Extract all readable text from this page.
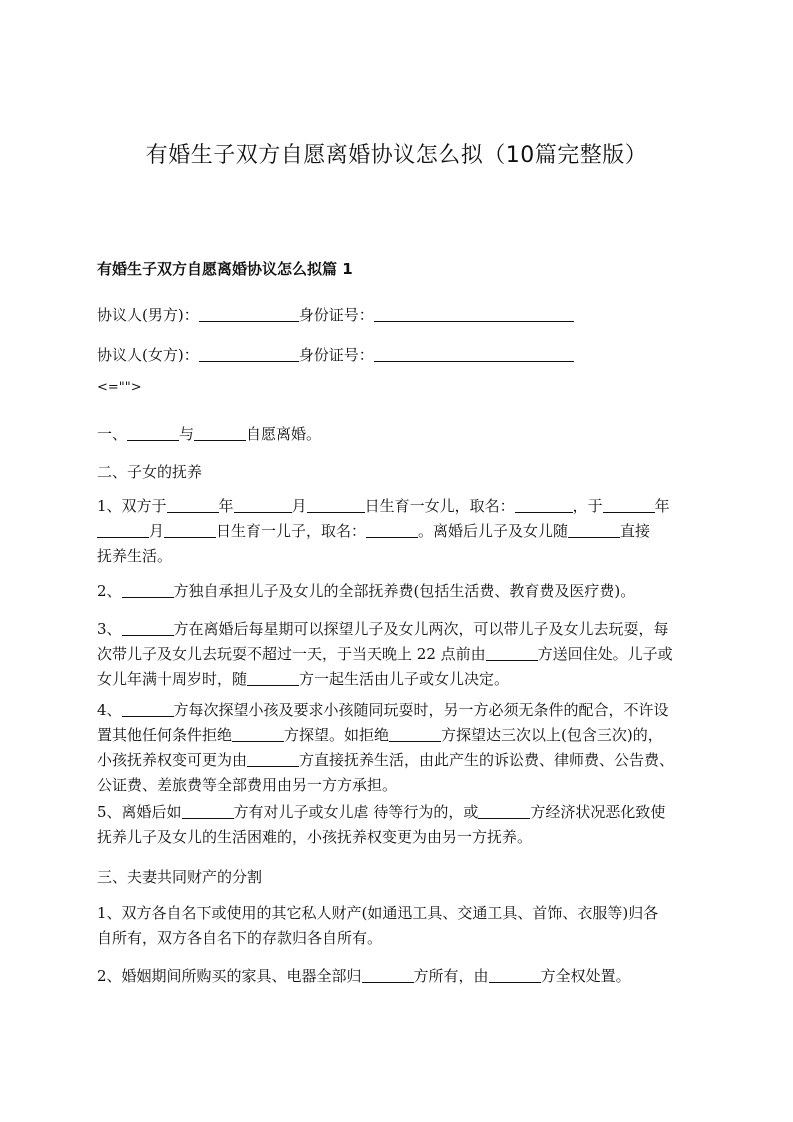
有婚生子双方自愿离婚协议怎么拟（10篇完整版）
有婚生子双方自愿离婚协议怎么拟篇 1
协议人(男方)：	身份证号：
协议人(女方)：	身份证号：
<="">
一、	与	自愿离婚。
二、子女的抚养
1、双方于	年	月	日生育一女儿，取名：	，于	年
月	日生育一儿子，取名：	。离婚后儿子及女儿随	直接
抚养生活。
2、	方独自承担儿子及女儿的全部抚养费(包括生活费、教育费及医疗费)。
3、	方在离婚后每星期可以探望儿子及女儿两次，可以带儿子及女儿去玩耍，每
次带儿子及女儿去玩耍不超过一天，于当天晚上 22 点前由	方送回住处。儿子或
女儿年满十周岁时，随	方一起生活由儿子或女儿决定。
4、	方每次探望小孩及要求小孩随同玩耍时，另一方必须无条件的配合，不许设
置其他任何条件拒绝	方探望。如拒绝	方探望达三次以上(包含三次)的，
小孩抚养权变可更为由	方直接抚养生活，由此产生的诉讼费、律师费、公告费、
公证费、差旅费等全部费用由另一方方承担。
5、离婚后如	方有对儿子或女儿虐 待等行为的，或	方经济状况恶化致使
抚养儿子及女儿的生活困难的，小孩抚养权变更为由另一方抚养。
三、夫妻共同财产的分割
1、双方各自名下或使用的其它私人财产(如通迅工具、交通工具、首饰、衣服等)归各
自所有，双方各自名下的存款归各自所有。
2、婚姻期间所购买的家具、电器全部归	方所有，由	方全权处置。
